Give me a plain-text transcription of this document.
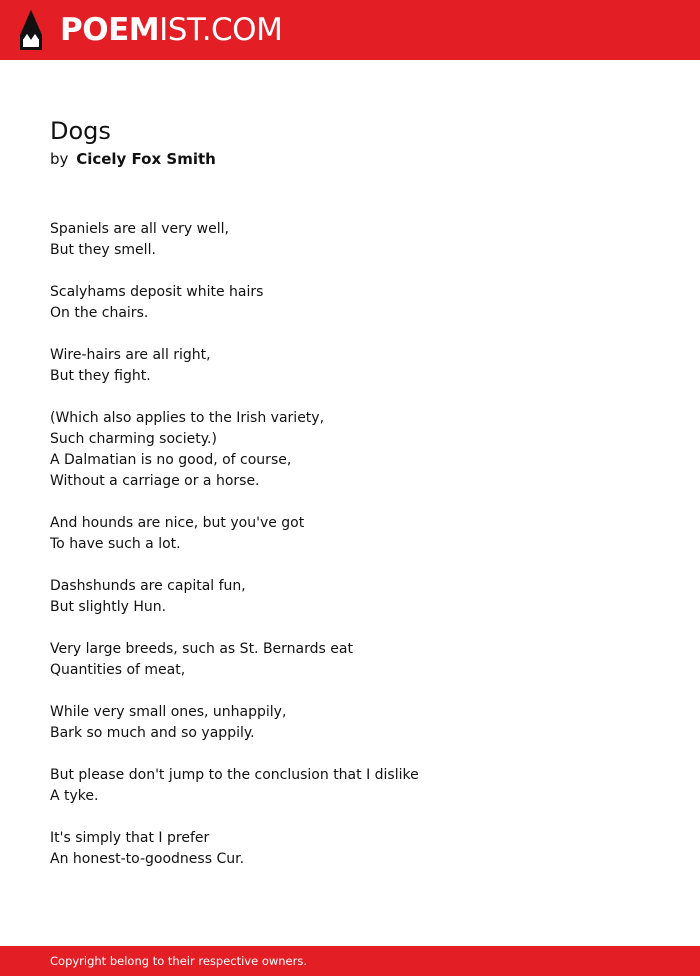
POEMIST.COM
Dogs
by Cicely Fox Smith
Spaniels are all very well,
But they smell.
Scalyhams deposit white hairs
On the chairs.
Wire-hairs are all right,
But they fight.
(Which also applies to the Irish variety,
Such charming society.)
A Dalmatian is no good, of course,
Without a carriage or a horse.
And hounds are nice, but you've got
To have such a lot.
Dashshunds are capital fun,
But slightly Hun.
Very large breeds, such as St. Bernards eat
Quantities of meat,
While very small ones, unhappily,
Bark so much and so yappily.
But please don't jump to the conclusion that I dislike
A tyke.
It's simply that I prefer
An honest-to-goodness Cur.
Copyright belong to their respective owners.
